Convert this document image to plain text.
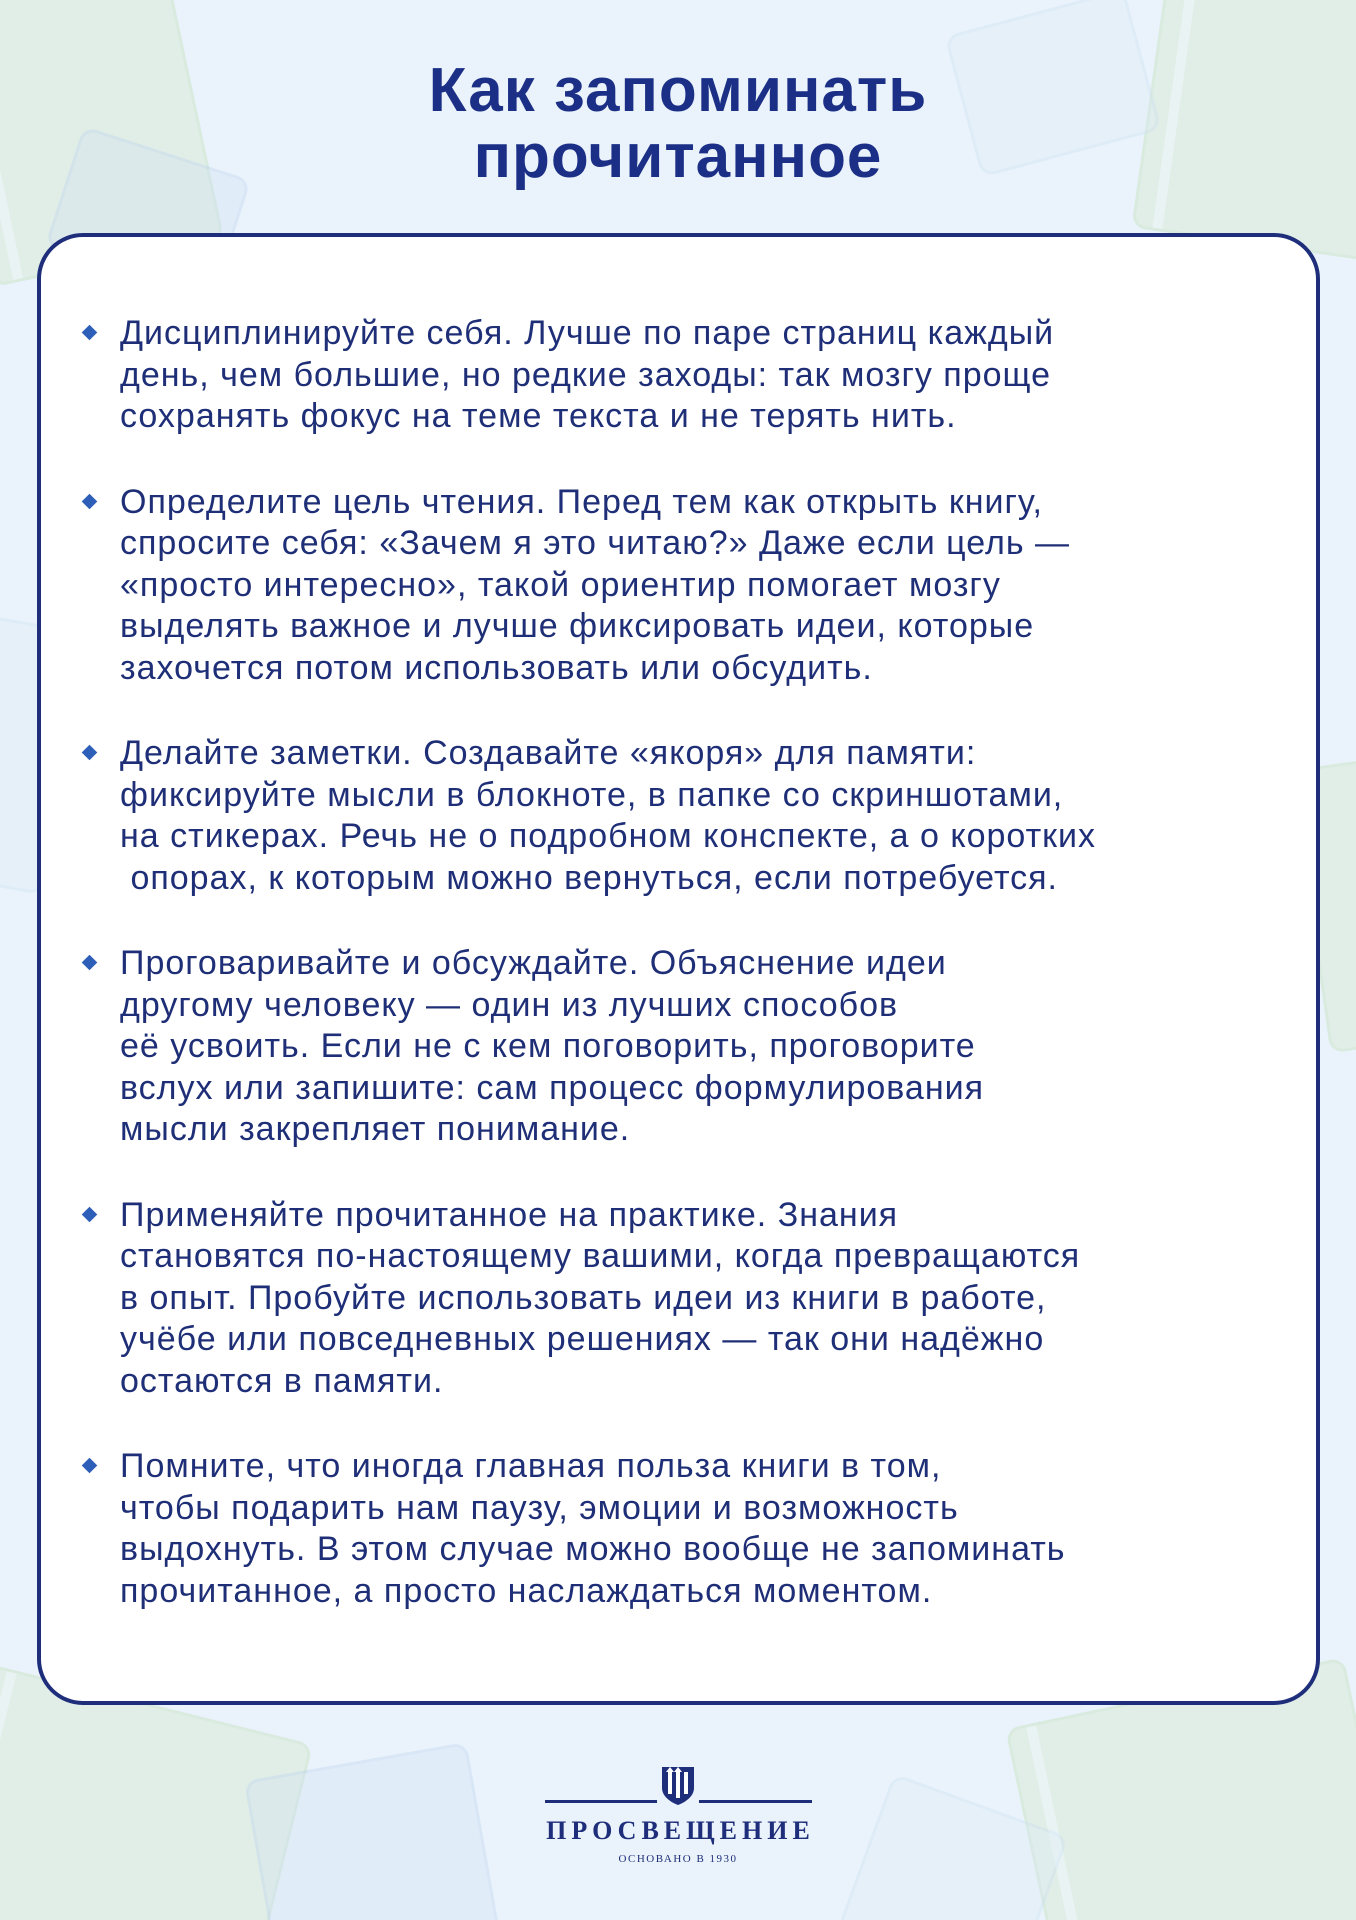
Как запоминать
прочитанное
Дисциплинируйте себя. Лучше по паре страниц каждый
день, чем большие, но редкие заходы: так мозгу проще
сохранять фокус на теме текста и не терять нить.
Определите цель чтения. Перед тем как открыть книгу,
спросите себя: «Зачем я это читаю?» Даже если цель —
«просто интересно», такой ориентир помогает мозгу
выделять важное и лучше фиксировать идеи, которые
захочется потом использовать или обсудить.
Делайте заметки. Создавайте «якоря» для памяти:
фиксируйте мысли в блокноте, в папке со скриншотами,
на стикерах. Речь не о подробном конспекте, а о коротких
опорах, к которым можно вернуться, если потребуется.
Проговаривайте и обсуждайте. Объяснение идеи
другому человеку — один из лучших способов
её усвоить. Если не с кем поговорить, проговорите
вслух или запишите: сам процесс формулирования
мысли закрепляет понимание.
Применяйте прочитанное на практике. Знания
становятся по-настоящему вашими, когда превращаются
в опыт. Пробуйте использовать идеи из книги в работе,
учёбе или повседневных решениях — так они надёжно
остаются в памяти.
Помните, что иногда главная польза книги в том,
чтобы подарить нам паузу, эмоции и возможность
выдохнуть. В этом случае можно вообще не запоминать
прочитанное, а просто наслаждаться моментом.
ПРОСВЕЩЕНИЕ
ОСНОВАНО В 1930
